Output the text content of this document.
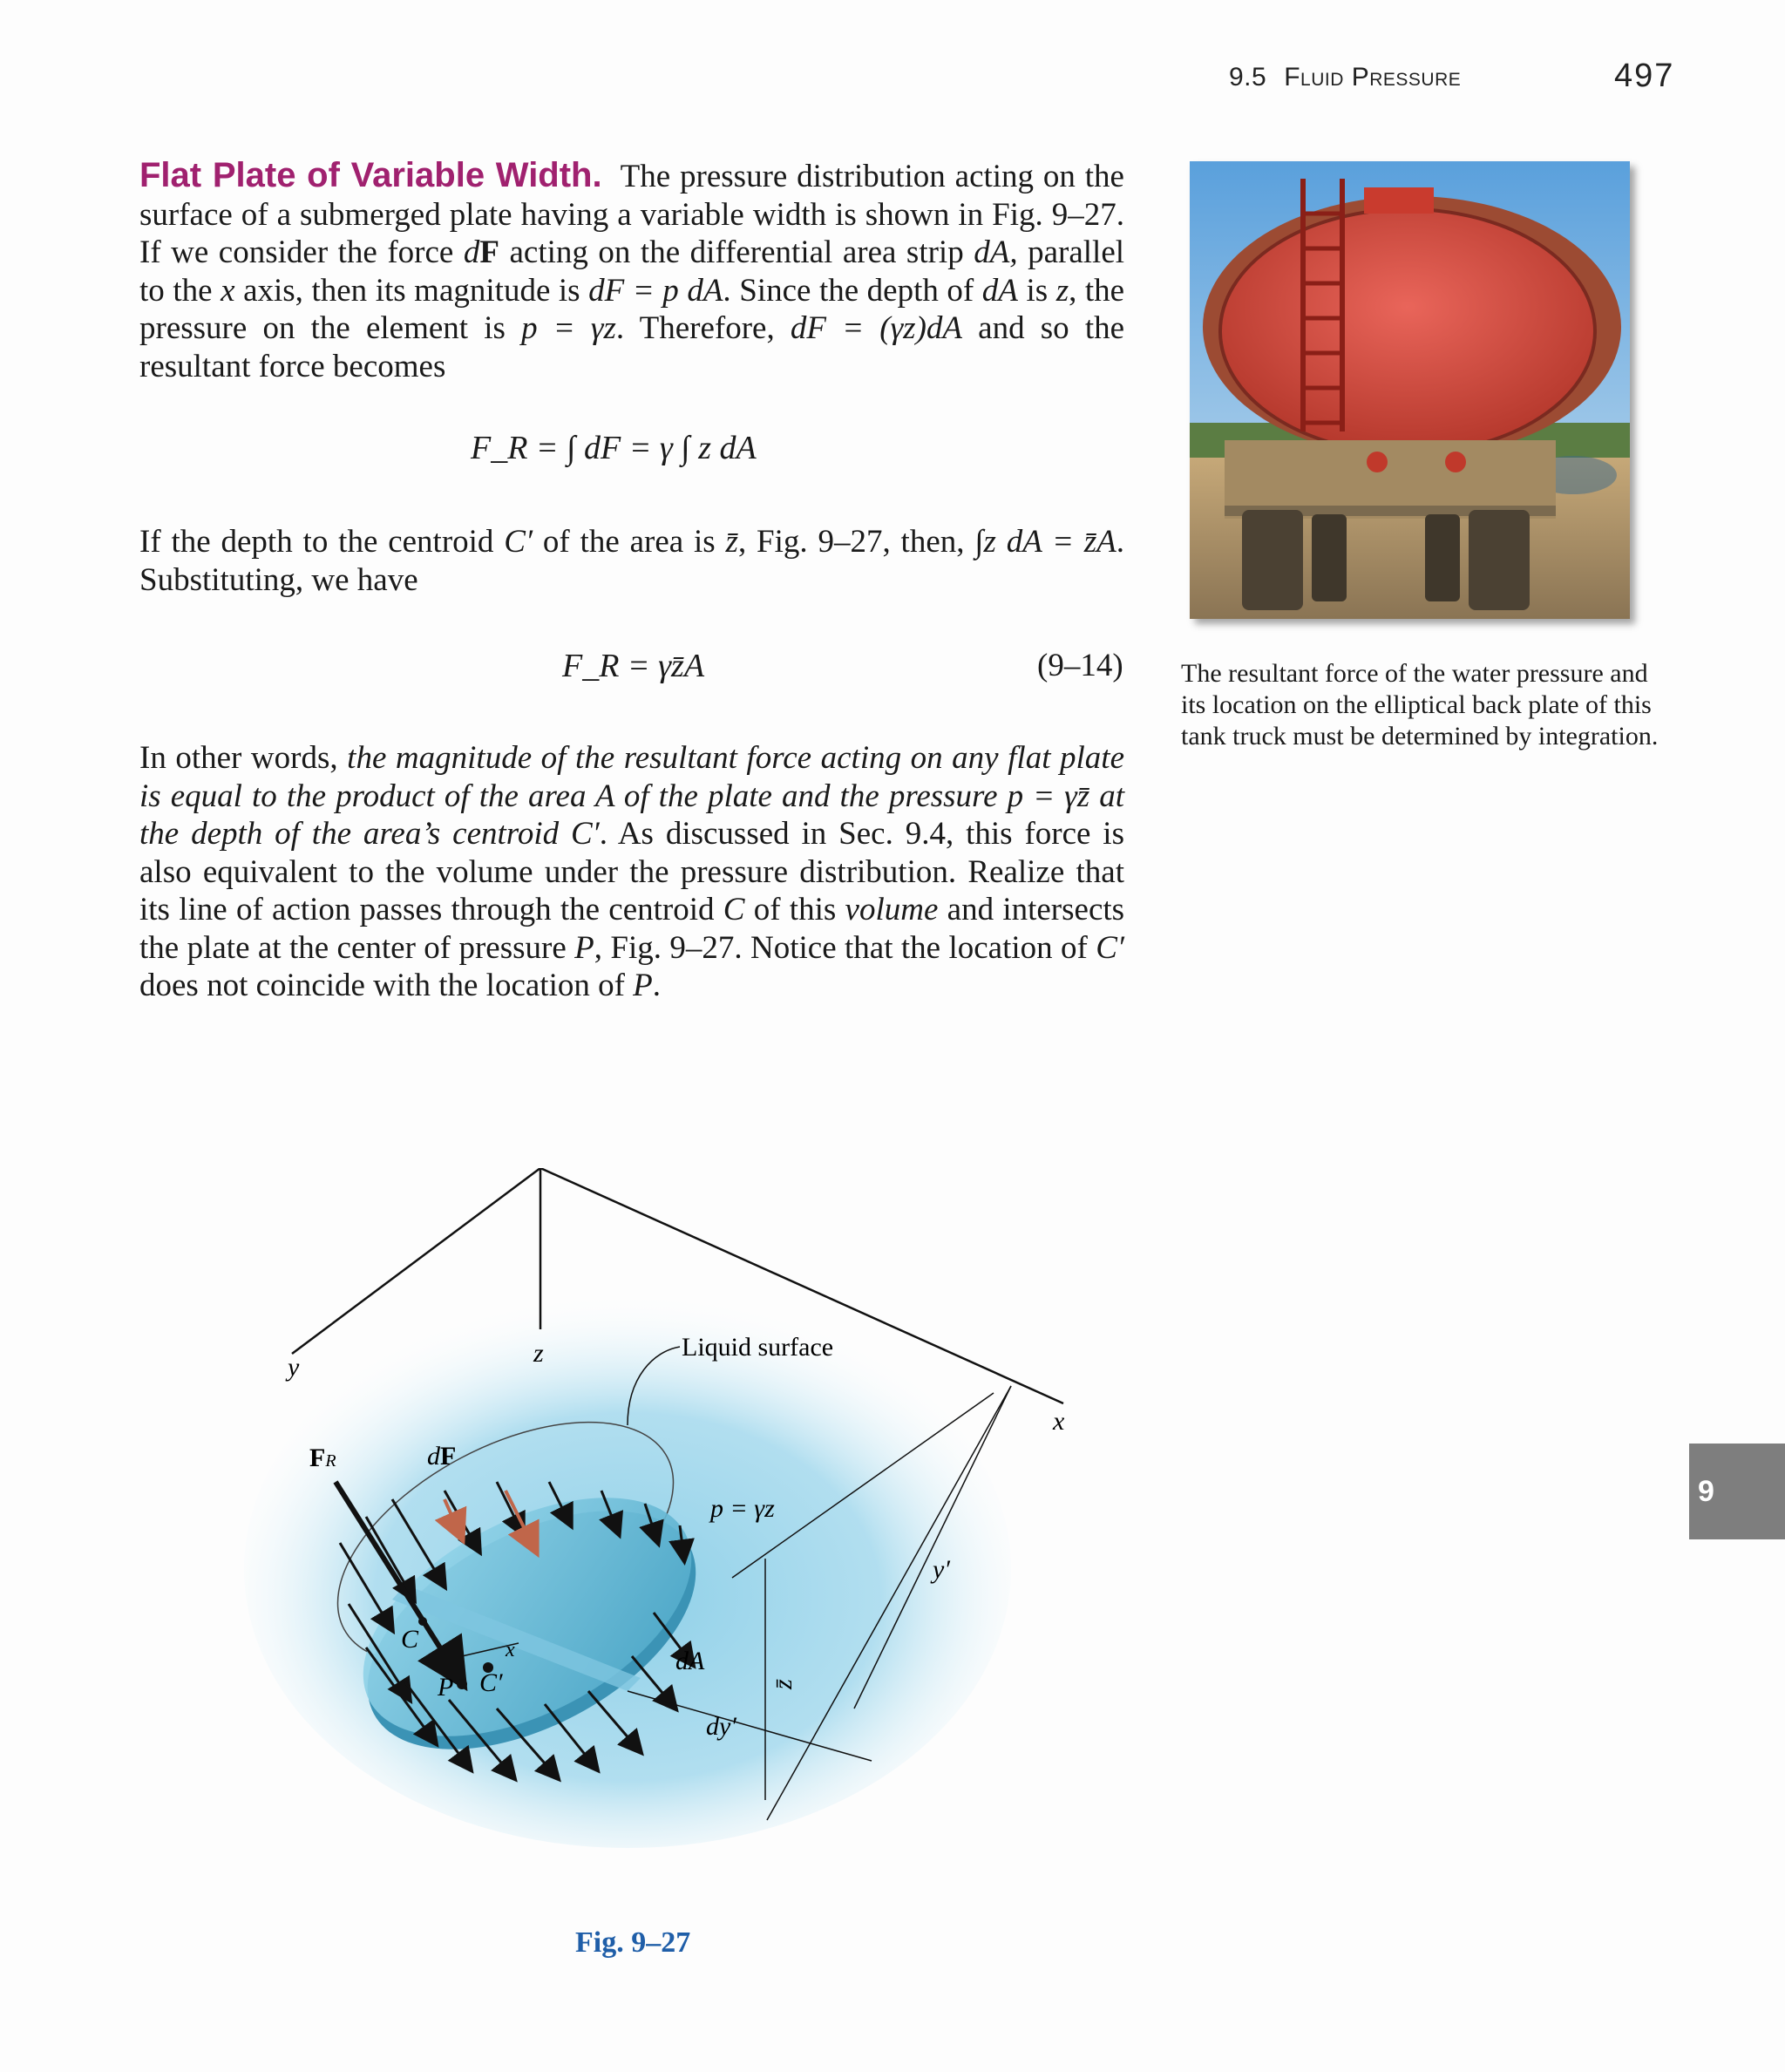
9.5 Fluid Pressure	497
Flat Plate of Variable Width. The pressure distribution acting on the surface of a submerged plate having a variable width is shown in Fig. 9–27. If we consider the force dF acting on the differential area strip dA, parallel to the x axis, then its magnitude is dF = p dA. Since the depth of dA is z, the pressure on the element is p = γz. Therefore, dF = (γz)dA and so the resultant force becomes
F_R = ∫ dF = γ ∫ z dA
If the depth to the centroid C′ of the area is z̄, Fig. 9–27, then, ∫z dA = z̄A. Substituting, we have
F_R = γz̄A	(9–14)
In other words, the magnitude of the resultant force acting on any flat plate is equal to the product of the area A of the plate and the pressure p = γz̄ at the depth of the area’s centroid C′. As discussed in Sec. 9.4, this force is also equivalent to the volume under the pressure distribution. Realize that its line of action passes through the centroid C of this volume and intersects the plate at the center of pressure P, Fig. 9–27. Notice that the location of C′ does not coincide with the location of P.
The resultant force of the water pressure and its location on the elliptical back plate of this tank truck must be determined by integration.
9
y	z
x
Liquid surface
FR	dF
p = γz
C	x
P C′
dA
dy′
z̄
y′
Fig. 9–27
